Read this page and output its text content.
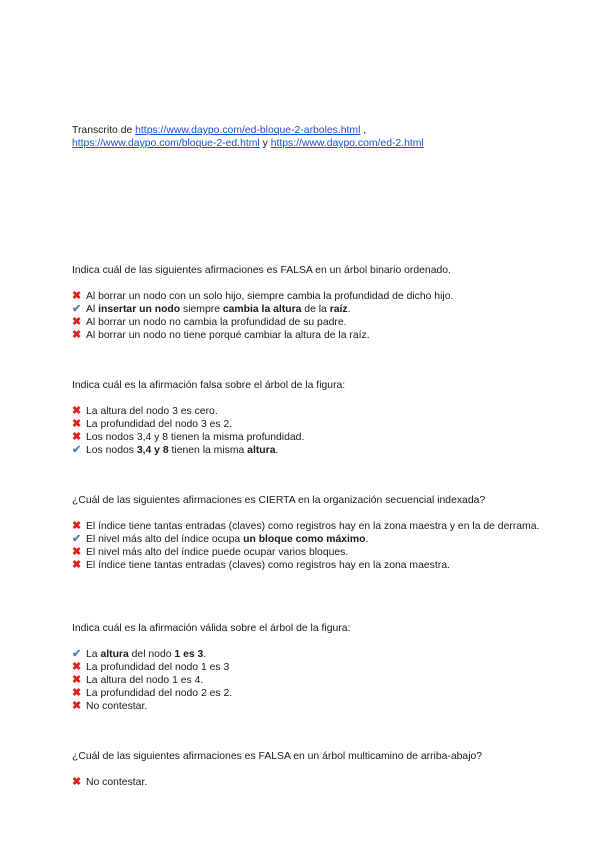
Transcrito de https://www.daypo.com/ed-bloque-2-arboles.html ,
https://www.daypo.com/bloque-2-ed.html y https://www.daypo.com/ed-2.html

Indica cuál de las siguientes afirmaciones es FALSA en un árbol binario ordenado.

✖ Al borrar un nodo con un solo hijo, siempre cambia la profundidad de dicho hijo.

✔ Al insertar un nodo siempre cambia la altura de la raíz.

✖ Al borrar un nodo no cambia la profundidad de su padre.

✖ Al borrar un nodo no tiene porqué cambiar la altura de la raíz.

Indica cuál es la afirmación falsa sobre el árbol de la figura:

✖ La altura del nodo 3 es cero.

✖ La profundidad del nodo 3 es 2.

✖ Los nodos 3,4 y 8 tienen la misma profundidad.

✔ Los nodos 3,4 y 8 tienen la misma altura.

¿Cuál de las siguientes afirmaciones es CIERTA en la organización secuencial indexada?

✖ El índice tiene tantas entradas (claves) como registros hay en la zona maestra y en la de derrama.

✔ El nivel más alto del índice ocupa un bloque como máximo.

✖ El nivel más alto del índice puede ocupar varios bloques.

✖ El índice tiene tantas entradas (claves) como registros hay en la zona maestra.

Indica cuál es la afirmación válida sobre el árbol de la figura:

✔ La altura del nodo 1 es 3.

✖ La profundidad del nodo 1 es 3

✖ La altura del nodo 1 es 4.

✖ La profundidad del nodo 2 es 2.

✖ No contestar.

¿Cuál de las siguientes afirmaciones es FALSA en un árbol multicamino de arriba-abajo?

✖ No contestar.
